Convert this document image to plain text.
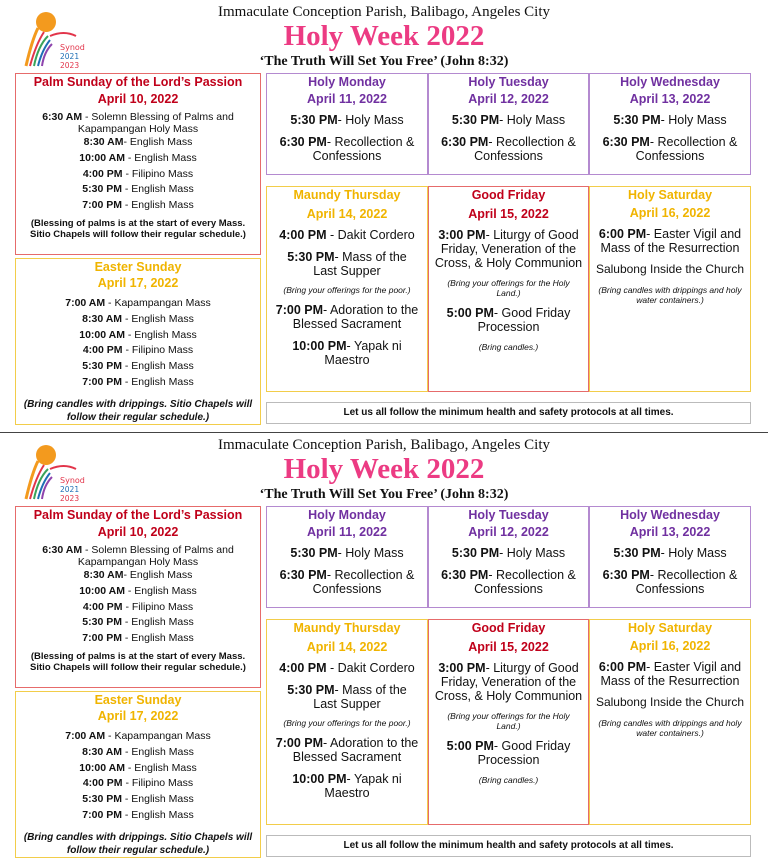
Synod
2021
2023
Immaculate Conception Parish, Balibago, Angeles City
Holy Week 2022
‘The Truth Will Set You Free’ (John 8:32)
Palm Sunday of the Lord’s Passion
April 10, 2022
6:30 AM - Solemn Blessing of Palms and Kapampangan Holy Mass
8:30 AM- English Mass
10:00 AM - English Mass
4:00 PM - Filipino Mass
5:30 PM - English Mass
7:00 PM - English Mass
(Blessing of palms is at the start of every Mass. Sitio Chapels will follow their regular schedule.)
Easter Sunday
April 17, 2022
7:00 AM - Kapampangan Mass
8:30 AM - English Mass
10:00 AM - English Mass
4:00 PM - Filipino Mass
5:30 PM - English Mass
7:00 PM - English Mass
(Bring candles with drippings. Sitio Chapels will follow their regular schedule.)
Holy Monday
April 11, 2022
5:30 PM- Holy Mass
6:30 PM- Recollection & Confessions
Holy Tuesday
April 12, 2022
5:30 PM- Holy Mass
6:30 PM- Recollection & Confessions
Holy Wednesday
April 13, 2022
5:30 PM- Holy Mass
6:30 PM- Recollection & Confessions
Maundy Thursday
April 14, 2022
4:00 PM - Dakit Cordero
5:30 PM- Mass of the Last Supper
(Bring your offerings for the poor.)
7:00 PM- Adoration to the Blessed Sacrament
10:00 PM- Yapak ni Maestro
Good Friday
April 15, 2022
3:00 PM- Liturgy of Good Friday, Veneration of the Cross, & Holy Communion
(Bring your offerings for the Holy Land.)
5:00 PM- Good Friday Procession
(Bring candles.)
Holy Saturday
April 16, 2022
6:00 PM- Easter Vigil and Mass of the Resurrection
Salubong Inside the Church
(Bring candles with drippings and holy water containers.)
Let us all follow the minimum health and safety protocols at all times.
Synod
2021
2023
Immaculate Conception Parish, Balibago, Angeles City
Holy Week 2022
‘The Truth Will Set You Free’ (John 8:32)
Palm Sunday of the Lord’s Passion
April 10, 2022
6:30 AM - Solemn Blessing of Palms and Kapampangan Holy Mass
8:30 AM- English Mass
10:00 AM - English Mass
4:00 PM - Filipino Mass
5:30 PM - English Mass
7:00 PM - English Mass
(Blessing of palms is at the start of every Mass. Sitio Chapels will follow their regular schedule.)
Easter Sunday
April 17, 2022
7:00 AM - Kapampangan Mass
8:30 AM - English Mass
10:00 AM - English Mass
4:00 PM - Filipino Mass
5:30 PM - English Mass
7:00 PM - English Mass
(Bring candles with drippings. Sitio Chapels will follow their regular schedule.)
Holy Monday
April 11, 2022
5:30 PM- Holy Mass
6:30 PM- Recollection & Confessions
Holy Tuesday
April 12, 2022
5:30 PM- Holy Mass
6:30 PM- Recollection & Confessions
Holy Wednesday
April 13, 2022
5:30 PM- Holy Mass
6:30 PM- Recollection & Confessions
Maundy Thursday
April 14, 2022
4:00 PM - Dakit Cordero
5:30 PM- Mass of the Last Supper
(Bring your offerings for the poor.)
7:00 PM- Adoration to the Blessed Sacrament
10:00 PM- Yapak ni Maestro
Good Friday
April 15, 2022
3:00 PM- Liturgy of Good Friday, Veneration of the Cross, & Holy Communion
(Bring your offerings for the Holy Land.)
5:00 PM- Good Friday Procession
(Bring candles.)
Holy Saturday
April 16, 2022
6:00 PM- Easter Vigil and Mass of the Resurrection
Salubong Inside the Church
(Bring candles with drippings and holy water containers.)
Let us all follow the minimum health and safety protocols at all times.
